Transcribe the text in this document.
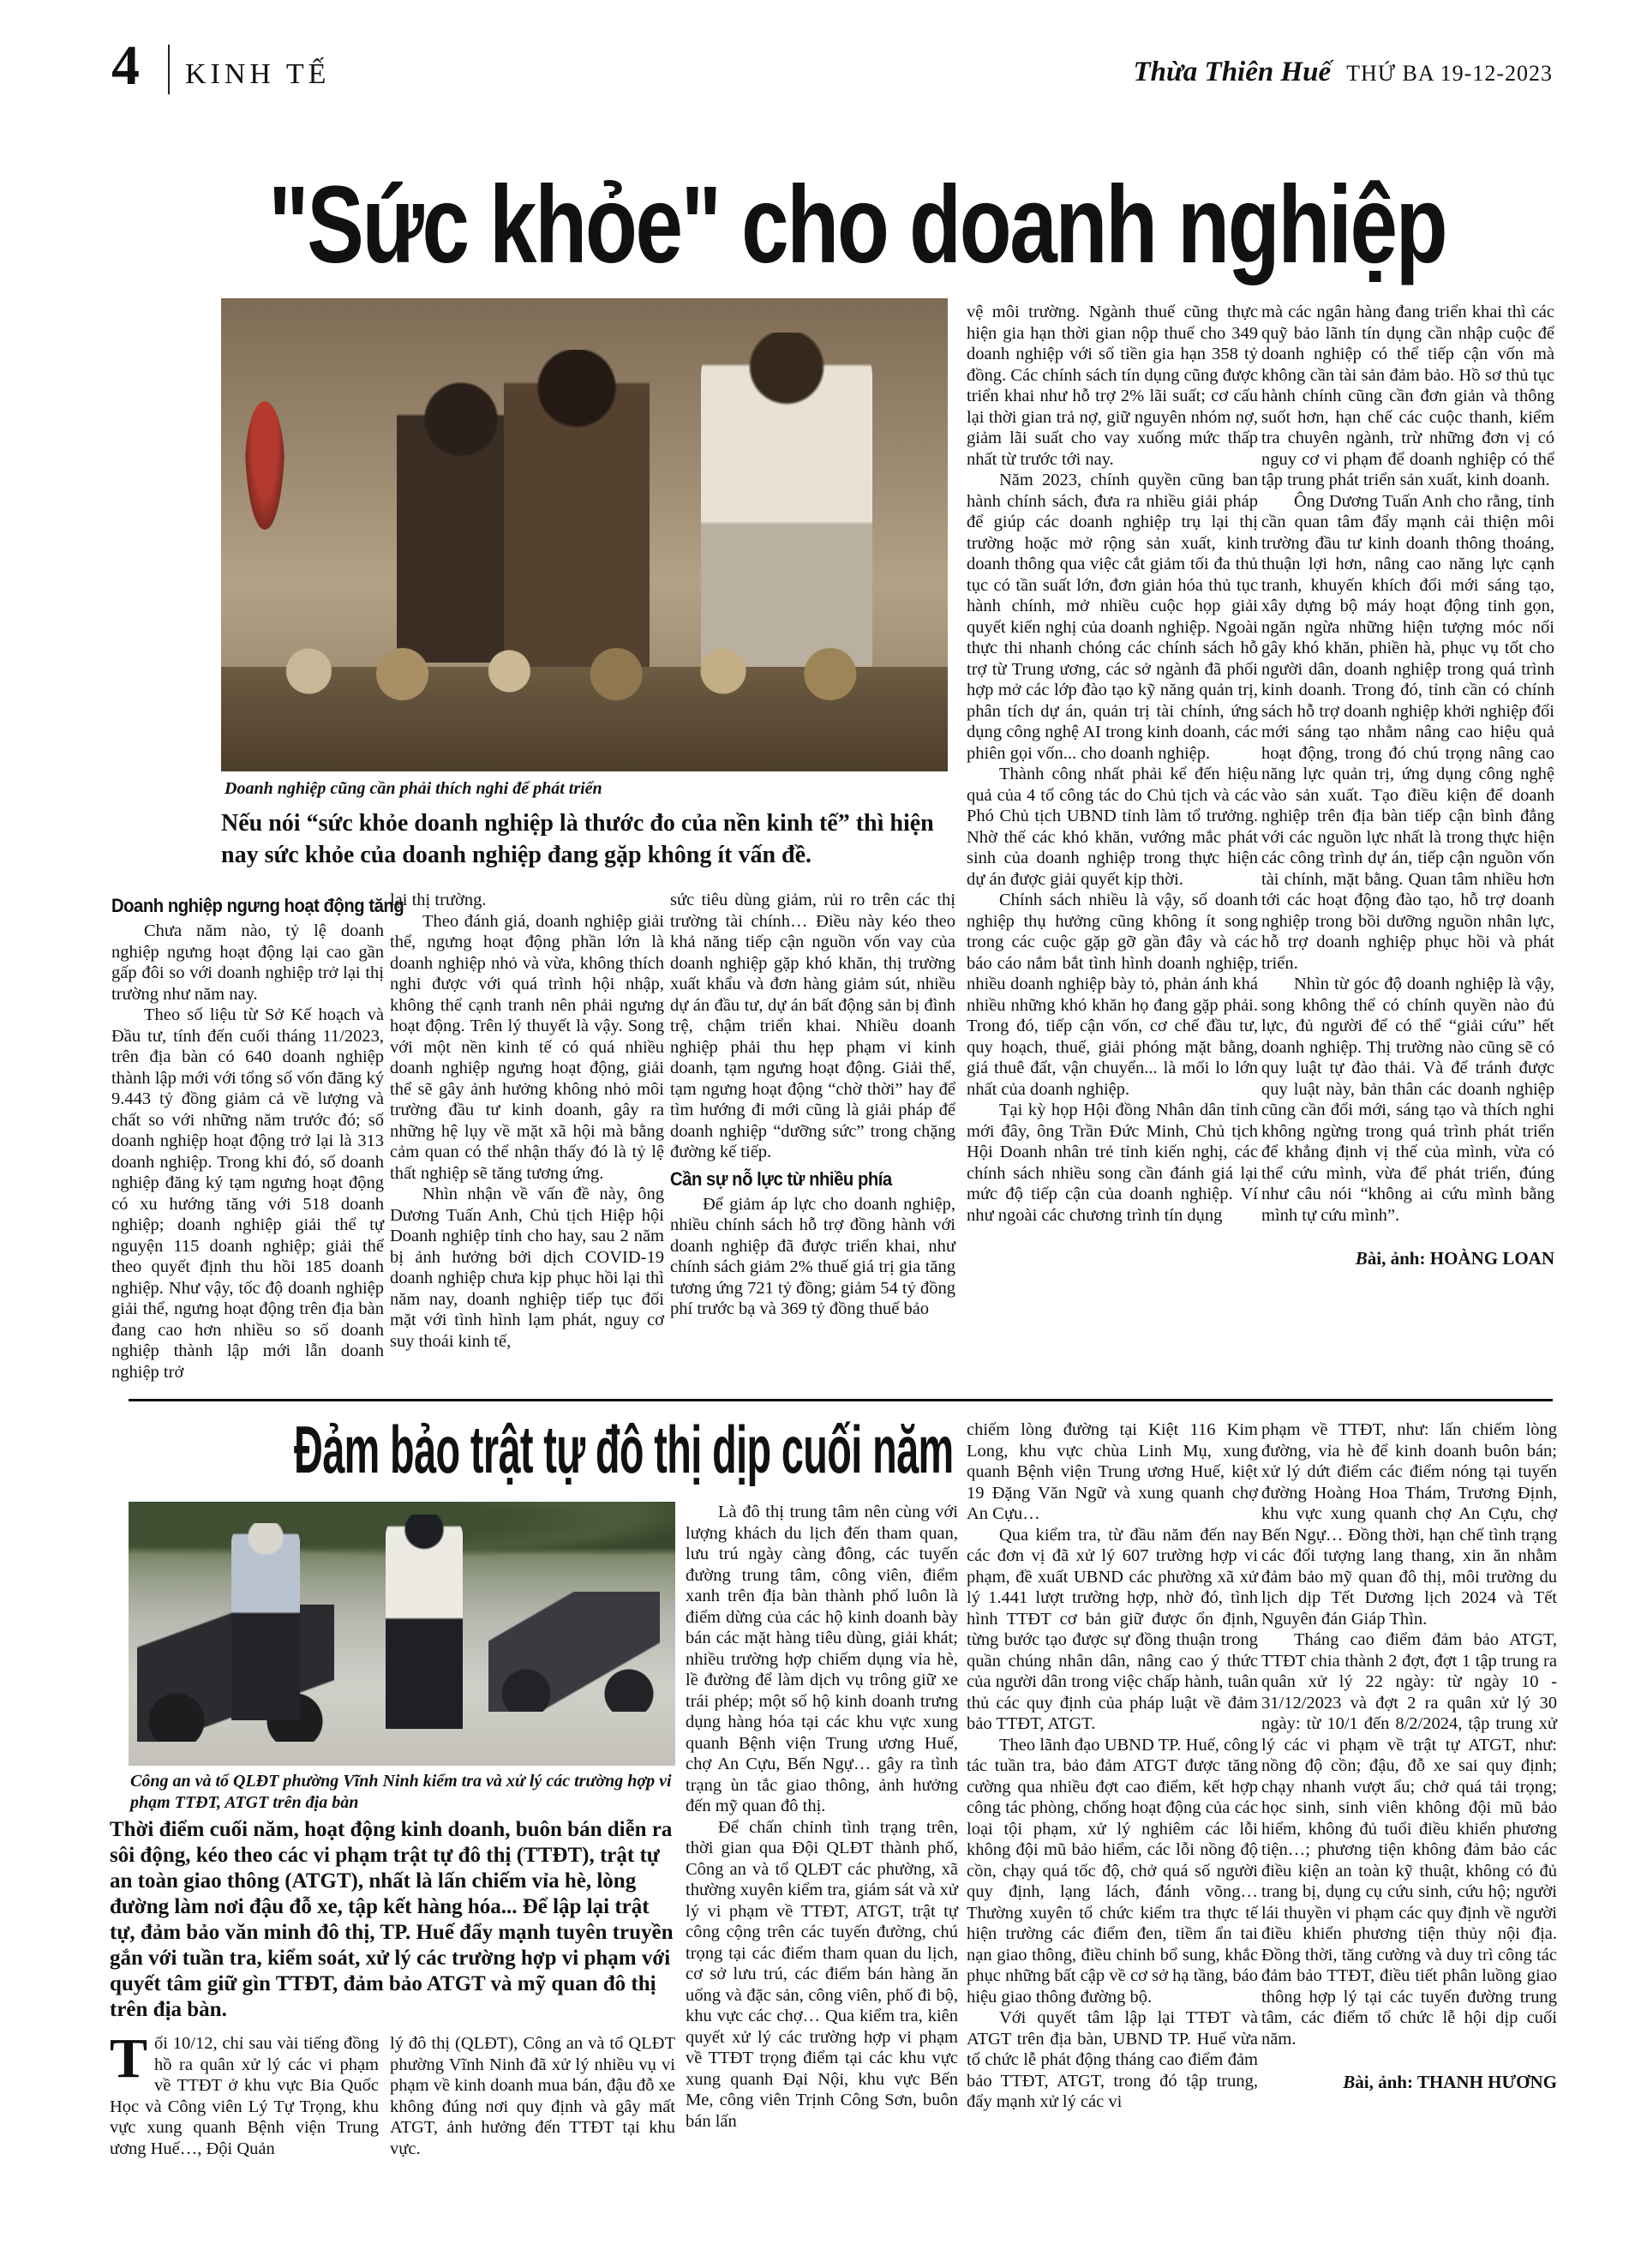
4 KINH TẾ	Thừa Thiên Huế THỨ BA 19-12-2023
"Sức khỏe" cho doanh nghiệp
Doanh nghiệp cũng cần phải thích nghi để phát triển
Nếu nói “sức khỏe doanh nghiệp là thước đo của nền kinh tế” thì hiện nay sức khỏe của doanh nghiệp đang gặp không ít vấn đề.
Doanh nghiệp ngưng hoạt động tăng
Chưa năm nào, tỷ lệ doanh nghiệp ngưng hoạt động lại cao gần gấp đôi so với doanh nghiệp trở lại thị trường như năm nay.
Theo số liệu từ Sở Kế hoạch và Đầu tư, tính đến cuối tháng 11/2023, trên địa bàn có 640 doanh nghiệp thành lập mới với tổng số vốn đăng ký 9.443 tỷ đồng giảm cả về lượng và chất so với những năm trước đó; số doanh nghiệp hoạt động trở lại là 313 doanh nghiệp. Trong khi đó, số doanh nghiệp đăng ký tạm ngưng hoạt động có xu hướng tăng với 518 doanh nghiệp; doanh nghiệp giải thể tự nguyện 115 doanh nghiệp; giải thể theo quyết định thu hồi 185 doanh nghiệp. Như vậy, tốc độ doanh nghiệp giải thể, ngưng hoạt động trên địa bàn đang cao hơn nhiều so số doanh nghiệp thành lập mới lẫn doanh nghiệp trở
lại thị trường.
Theo đánh giá, doanh nghiệp giải thể, ngưng hoạt động phần lớn là doanh nghiệp nhỏ và vừa, không thích nghi được với quá trình hội nhập, không thể cạnh tranh nên phải ngưng hoạt động. Trên lý thuyết là vậy. Song với một nền kinh tế có quá nhiều doanh nghiệp ngưng hoạt động, giải thể sẽ gây ảnh hưởng không nhỏ môi trường đầu tư kinh doanh, gây ra những hệ lụy về mặt xã hội mà bằng cảm quan có thể nhận thấy đó là tỷ lệ thất nghiệp sẽ tăng tương ứng.
Nhìn nhận về vấn đề này, ông Dương Tuấn Anh, Chủ tịch Hiệp hội Doanh nghiệp tỉnh cho hay, sau 2 năm bị ảnh hưởng bởi dịch COVID-19 doanh nghiệp chưa kịp phục hồi lại thì năm nay, doanh nghiệp tiếp tục đối mặt với tình hình lạm phát, nguy cơ suy thoái kinh tế,
sức tiêu dùng giảm, rủi ro trên các thị trường tài chính… Điều này kéo theo khả năng tiếp cận nguồn vốn vay của doanh nghiệp gặp khó khăn, thị trường xuất khẩu và đơn hàng giảm sút, nhiều dự án đầu tư, dự án bất động sản bị đình trệ, chậm triển khai. Nhiều doanh nghiệp phải thu hẹp phạm vi kinh doanh, tạm ngưng hoạt động. Giải thể, tạm ngưng hoạt động “chờ thời” hay để tìm hướng đi mới cũng là giải pháp để doanh nghiệp “dưỡng sức” trong chặng đường kế tiếp.
Cần sự nỗ lực từ nhiều phía
Để giảm áp lực cho doanh nghiệp, nhiều chính sách hỗ trợ đồng hành với doanh nghiệp đã được triển khai, như chính sách giảm 2% thuế giá trị gia tăng tương ứng 721 tỷ đồng; giảm 54 tỷ đồng phí trước bạ và 369 tỷ đồng thuế bảo
vệ môi trường. Ngành thuế cũng thực hiện gia hạn thời gian nộp thuế cho 349 doanh nghiệp với số tiền gia hạn 358 tỷ đồng. Các chính sách tín dụng cũng được triển khai như hỗ trợ 2% lãi suất; cơ cấu lại thời gian trả nợ, giữ nguyên nhóm nợ, giảm lãi suất cho vay xuống mức thấp nhất từ trước tới nay.
Năm 2023, chính quyền cũng ban hành chính sách, đưa ra nhiều giải pháp để giúp các doanh nghiệp trụ lại thị trường hoặc mở rộng sản xuất, kinh doanh thông qua việc cắt giảm tối đa thủ tục có tần suất lớn, đơn giản hóa thủ tục hành chính, mở nhiều cuộc họp giải quyết kiến nghị của doanh nghiệp. Ngoài thực thi nhanh chóng các chính sách hỗ trợ từ Trung ương, các sở ngành đã phối hợp mở các lớp đào tạo kỹ năng quản trị, phân tích dự án, quản trị tài chính, ứng dụng công nghệ AI trong kinh doanh, các phiên gọi vốn... cho doanh nghiệp.
Thành công nhất phải kể đến hiệu quả của 4 tổ công tác do Chủ tịch và các Phó Chủ tịch UBND tỉnh làm tổ trưởng. Nhờ thế các khó khăn, vướng mắc phát sinh của doanh nghiệp trong thực hiện dự án được giải quyết kịp thời.
Chính sách nhiều là vậy, số doanh nghiệp thụ hưởng cũng không ít song trong các cuộc gặp gỡ gần đây và các báo cáo nắm bắt tình hình doanh nghiệp, nhiều doanh nghiệp bày tỏ, phản ánh khá nhiều những khó khăn họ đang gặp phải. Trong đó, tiếp cận vốn, cơ chế đầu tư, quy hoạch, thuế, giải phóng mặt bằng, giá thuê đất, vận chuyển... là mối lo lớn nhất của doanh nghiệp.
Tại kỳ họp Hội đồng Nhân dân tỉnh mới đây, ông Trần Đức Minh, Chủ tịch Hội Doanh nhân trẻ tỉnh kiến nghị, các chính sách nhiều song cần đánh giá lại mức độ tiếp cận của doanh nghiệp. Ví như ngoài các chương trình tín dụng
mà các ngân hàng đang triển khai thì các quỹ bảo lãnh tín dụng cần nhập cuộc để doanh nghiệp có thể tiếp cận vốn mà không cần tài sản đảm bảo. Hồ sơ thủ tục hành chính cũng cần đơn giản và thông suốt hơn, hạn chế các cuộc thanh, kiểm tra chuyên ngành, trừ những đơn vị có nguy cơ vi phạm để doanh nghiệp có thể tập trung phát triển sản xuất, kinh doanh.
Ông Dương Tuấn Anh cho rằng, tỉnh cần quan tâm đẩy mạnh cải thiện môi trường đầu tư kinh doanh thông thoáng, thuận lợi hơn, nâng cao năng lực cạnh tranh, khuyến khích đổi mới sáng tạo, xây dựng bộ máy hoạt động tinh gọn, ngăn ngừa những hiện tượng móc nối gây khó khăn, phiền hà, phục vụ tốt cho người dân, doanh nghiệp trong quá trình kinh doanh. Trong đó, tỉnh cần có chính sách hỗ trợ doanh nghiệp khởi nghiệp đổi mới sáng tạo nhằm nâng cao hiệu quả hoạt động, trong đó chú trọng nâng cao năng lực quản trị, ứng dụng công nghệ vào sản xuất. Tạo điều kiện để doanh nghiệp trên địa bàn tiếp cận bình đẳng với các nguồn lực nhất là trong thực hiện các công trình dự án, tiếp cận nguồn vốn tài chính, mặt bằng. Quan tâm nhiều hơn tới các hoạt động đào tạo, hỗ trợ doanh nghiệp trong bồi dưỡng nguồn nhân lực, hỗ trợ doanh nghiệp phục hồi và phát triển.
Nhìn từ góc độ doanh nghiệp là vậy, song không thể có chính quyền nào đủ lực, đủ người để có thể “giải cứu” hết doanh nghiệp. Thị trường nào cũng sẽ có quy luật tự đào thải. Và để tránh được quy luật này, bản thân các doanh nghiệp cũng cần đổi mới, sáng tạo và thích nghi không ngừng trong quá trình phát triển để khẳng định vị thế của mình, vừa có thể cứu mình, vừa để phát triển, đúng như câu nói “không ai cứu mình bằng mình tự cứu mình”.
Bài, ảnh: HOÀNG LOAN
Đảm bảo trật tự đô thị dịp cuối năm
Công an và tổ QLĐT phường Vĩnh Ninh kiểm tra và xử lý các trường hợp vi phạm TTĐT, ATGT trên địa bàn
Thời điểm cuối năm, hoạt động kinh doanh, buôn bán diễn ra sôi động, kéo theo các vi phạm trật tự đô thị (TTĐT), trật tự an toàn giao thông (ATGT), nhất là lấn chiếm vỉa hè, lòng đường làm nơi đậu đỗ xe, tập kết hàng hóa... Để lập lại trật tự, đảm bảo văn minh đô thị, TP. Huế đẩy mạnh tuyên truyền gắn với tuần tra, kiểm soát, xử lý các trường hợp vi phạm với quyết tâm giữ gìn TTĐT, đảm bảo ATGT và mỹ quan đô thị trên địa bàn.
Tối 10/12, chỉ sau vài tiếng đồng hồ ra quân xử lý các vi phạm về TTĐT ở khu vực Bia Quốc Học và Công viên Lý Tự Trọng, khu vực xung quanh Bệnh viện Trung ương Huế…, Đội Quản
lý đô thị (QLĐT), Công an và tổ QLĐT phường Vĩnh Ninh đã xử lý nhiều vụ vi phạm về kinh doanh mua bán, đậu đỗ xe không đúng nơi quy định và gây mất ATGT, ảnh hưởng đến TTĐT tại khu vực.
Là đô thị trung tâm nên cùng với lượng khách du lịch đến tham quan, lưu trú ngày càng đông, các tuyến đường trung tâm, công viên, điểm xanh trên địa bàn thành phố luôn là điểm dừng của các hộ kinh doanh bày bán các mặt hàng tiêu dùng, giải khát; nhiều trường hợp chiếm dụng vỉa hè, lề đường để làm dịch vụ trông giữ xe trái phép; một số hộ kinh doanh trưng dụng hàng hóa tại các khu vực xung quanh Bệnh viện Trung ương Huế, chợ An Cựu, Bến Ngự… gây ra tình trạng ùn tắc giao thông, ảnh hưởng đến mỹ quan đô thị.
Để chấn chỉnh tình trạng trên, thời gian qua Đội QLĐT thành phố, Công an và tổ QLĐT các phường, xã thường xuyên kiểm tra, giám sát và xử lý vi phạm về TTĐT, ATGT, trật tự công cộng trên các tuyến đường, chú trọng tại các điểm tham quan du lịch, cơ sở lưu trú, các điểm bán hàng ăn uống và đặc sản, công viên, phố đi bộ, khu vực các chợ… Qua kiểm tra, kiên quyết xử lý các trường hợp vi phạm về TTĐT trọng điểm tại các khu vực xung quanh Đại Nội, khu vực Bến Me, công viên Trịnh Công Sơn, buôn bán lấn
chiếm lòng đường tại Kiệt 116 Kim Long, khu vực chùa Linh Mụ, xung quanh Bệnh viện Trung ương Huế, kiệt 19 Đặng Văn Ngữ và xung quanh chợ An Cựu…
Qua kiểm tra, từ đầu năm đến nay các đơn vị đã xử lý 607 trường hợp vi phạm, đề xuất UBND các phường xã xử lý 1.441 lượt trường hợp, nhờ đó, tình hình TTĐT cơ bản giữ được ổn định, từng bước tạo được sự đồng thuận trong quần chúng nhân dân, nâng cao ý thức của người dân trong việc chấp hành, tuân thủ các quy định của pháp luật về đảm bảo TTĐT, ATGT.
Theo lãnh đạo UBND TP. Huế, công tác tuần tra, bảo đảm ATGT được tăng cường qua nhiều đợt cao điểm, kết hợp công tác phòng, chống hoạt động của các loại tội phạm, xử lý nghiêm các lỗi không đội mũ bảo hiểm, các lỗi nồng độ cồn, chạy quá tốc độ, chở quá số người quy định, lạng lách, đánh võng… Thường xuyên tổ chức kiểm tra thực tế hiện trường các điểm đen, tiềm ẩn tai nạn giao thông, điều chỉnh bổ sung, khắc phục những bất cập về cơ sở hạ tầng, báo hiệu giao thông đường bộ.
Với quyết tâm lập lại TTĐT và ATGT trên địa bàn, UBND TP. Huế vừa tổ chức lễ phát động tháng cao điểm đảm bảo TTĐT, ATGT, trong đó tập trung, đẩy mạnh xử lý các vi
phạm về TTĐT, như: lấn chiếm lòng đường, vỉa hè để kinh doanh buôn bán; xử lý dứt điểm các điểm nóng tại tuyến đường Hoàng Hoa Thám, Trương Định, khu vực xung quanh chợ An Cựu, chợ Bến Ngự… Đồng thời, hạn chế tình trạng các đối tượng lang thang, xin ăn nhằm đảm bảo mỹ quan đô thị, môi trường du lịch dịp Tết Dương lịch 2024 và Tết Nguyên đán Giáp Thìn.
Tháng cao điểm đảm bảo ATGT, TTĐT chia thành 2 đợt, đợt 1 tập trung ra quân xử lý 22 ngày: từ ngày 10 - 31/12/2023 và đợt 2 ra quân xử lý 30 ngày: từ 10/1 đến 8/2/2024, tập trung xử lý các vi phạm về trật tự ATGT, như: nồng độ cồn; đậu, đỗ xe sai quy định; chạy nhanh vượt ẩu; chở quá tải trọng; học sinh, sinh viên không đội mũ bảo hiểm, không đủ tuổi điều khiển phương tiện…; phương tiện không đảm bảo các điều kiện an toàn kỹ thuật, không có đủ trang bị, dụng cụ cứu sinh, cứu hộ; người lái thuyền vi phạm các quy định về người điều khiển phương tiện thủy nội địa. Đồng thời, tăng cường và duy trì công tác đảm bảo TTĐT, điều tiết phân luồng giao thông hợp lý tại các tuyến đường trung tâm, các điểm tổ chức lễ hội dịp cuối năm.
Bài, ảnh: THANH HƯƠNG
